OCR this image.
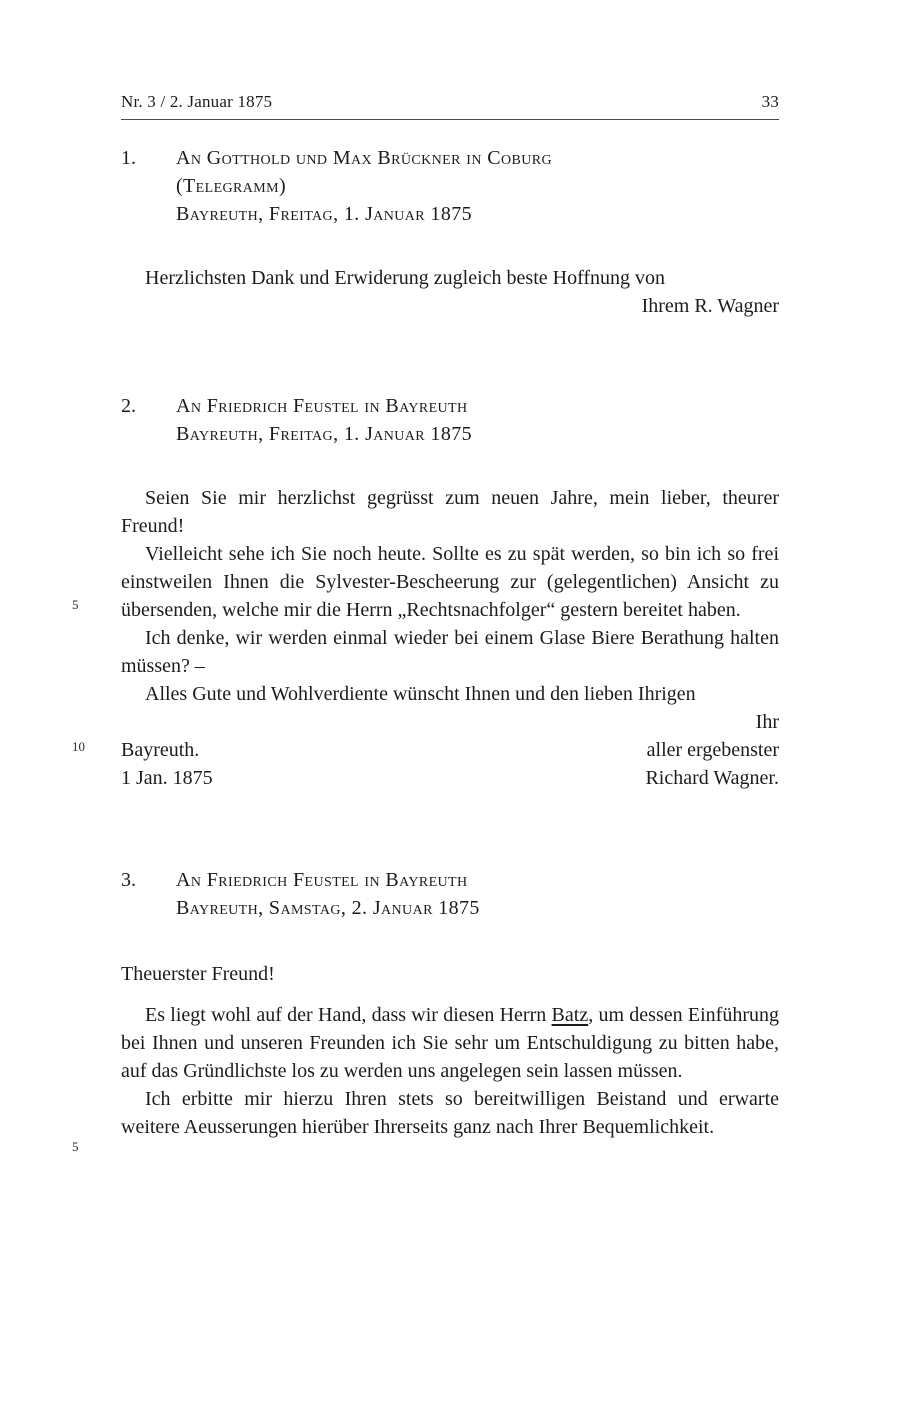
5
10
5
Nr. 3 / 2. Januar 1875	33
1.	An Gotthold und Max Brückner in Coburg
(Telegramm)
Bayreuth, Freitag, 1. Januar 1875

Herzlichsten Dank und Erwiderung zugleich beste Hoffnung von

Ihrem R. Wagner

2.	An Friedrich Feustel in Bayreuth
Bayreuth, Freitag, 1. Januar 1875

Seien Sie mir herzlichst gegrüsst zum neuen Jahre, mein lieber, theurer Freund!

Vielleicht sehe ich Sie noch heute. Sollte es zu spät werden, so bin ich so frei einstweilen Ihnen die Sylvester-Bescheerung zur (gelegentlichen) Ansicht zu übersenden, welche mir die Herrn „Rechtsnachfolger“ gestern bereitet haben.

Ich denke, wir werden einmal wieder bei einem Glase Biere Berathung halten müssen? –

Alles Gute und Wohlverdiente wünscht Ihnen und den lieben Ihrigen

Ihr
Bayreuth.	aller ergebenster
1 Jan. 1875	Richard Wagner.
3.	An Friedrich Feustel in Bayreuth
Bayreuth, Samstag, 2. Januar 1875

Theuerster Freund!

Es liegt wohl auf der Hand, dass wir diesen Herrn Batz, um dessen Einführung bei Ihnen und unseren Freunden ich Sie sehr um Entschuldigung zu bitten habe, auf das Gründlichste los zu werden uns angelegen sein lassen müssen.

Ich erbitte mir hierzu Ihren stets so bereitwilligen Beistand und erwarte weitere Aeusserungen hierüber Ihrerseits ganz nach Ihrer Bequemlichkeit.
